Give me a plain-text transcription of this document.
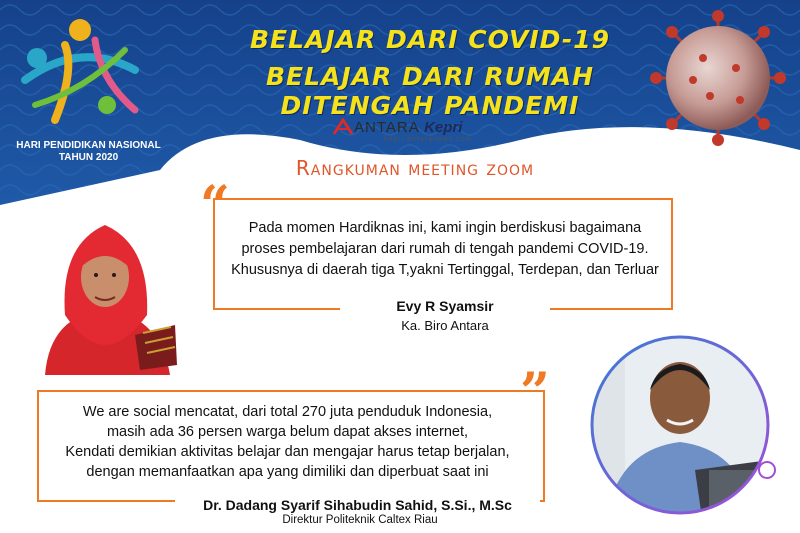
HARI PENDIDIKAN NASIONAL
TAHUN 2020
BELAJAR DARI COVID-19
BELAJAR DARI RUMAH DITENGAH PANDEMI
ANTARA Kepri
kepri.antaranews.com
Rangkuman meeting zoom
“	Pada momen Hardiknas ini, kami ingin berdiskusi bagaimana
proses pembelajaran dari rumah di tengah pandemi COVID-19.
Khususnya di daerah tiga T,yakni Tertinggal, Terdepan, dan Terluar
Evy R Syamsir
Ka. Biro Antara
”
We are social mencatat, dari total 270 juta penduduk Indonesia,
masih ada 36 persen warga belum dapat akses internet,
Kendati demikian aktivitas belajar dan mengajar harus tetap berjalan,
dengan memanfaatkan apa yang dimiliki dan diperbuat saat ini
Dr. Dadang Syarif Sihabudin Sahid, S.Si., M.Sc
Direktur Politeknik Caltex Riau
